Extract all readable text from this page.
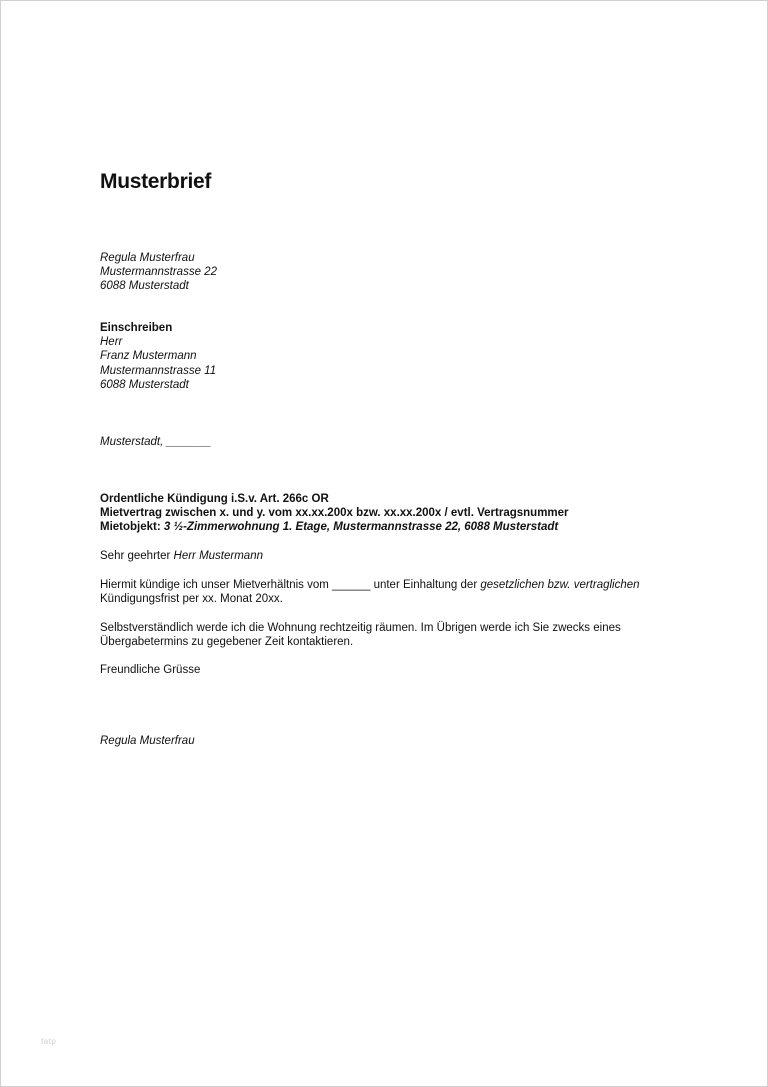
Musterbrief
Regula Musterfrau
Mustermannstrasse 22
6088 Musterstadt
Einschreiben
Herr
Franz Mustermann
Mustermannstrasse 11
6088 Musterstadt
Musterstadt, _______
Ordentliche Kündigung i.S.v. Art. 266c OR
Mietvertrag zwischen x. und y. vom xx.xx.200x bzw. xx.xx.200x / evtl. Vertragsnummer
Mietobjekt: 3 ½-Zimmerwohnung 1. Etage, Mustermannstrasse 22, 6088 Musterstadt
Sehr geehrter Herr Mustermann
Hiermit kündige ich unser Mietverhältnis vom ______ unter Einhaltung der gesetzlichen bzw. vertraglichen
Kündigungsfrist per xx. Monat 20xx.
Selbstverständlich werde ich die Wohnung rechtzeitig räumen. Im Übrigen werde ich Sie zwecks eines
Übergabetermins zu gegebener Zeit kontaktieren.
Freundliche Grüsse
Regula Musterfrau
fatp
